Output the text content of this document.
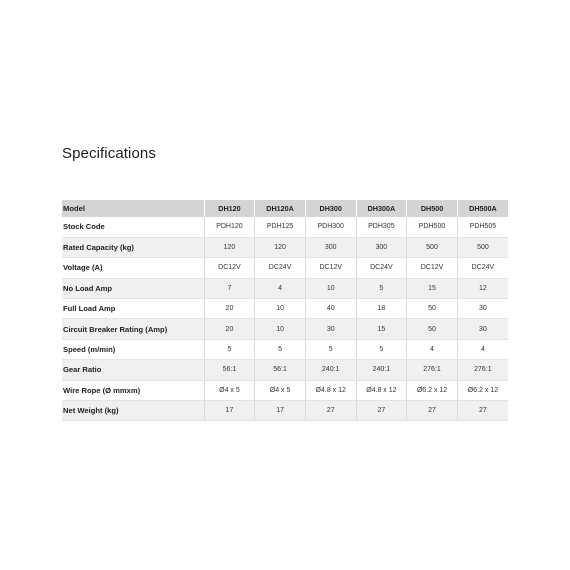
Specifications
Model	DH120	DH120A	DH300	DH300A	DH500	DH500A
Stock Code	PDH120	PDH125	PDH300	PDH305	PDH500	PDH505
Rated Capacity (kg)	120	120	300	300	500	500
Voltage (A)	DC12V	DC24V	DC12V	DC24V	DC12V	DC24V
No Load Amp	7	4	10	5	15	12
Full Load Amp	20	10	40	18	50	30
Circuit Breaker Rating (Amp)	20	10	30	15	50	30
Speed (m/min)	5	5	5	5	4	4
Gear Ratio	56:1	56:1	240:1	240:1	276:1	276:1
Wire Rope (Ø mmxm)	Ø4 x 5	Ø4 x 5	Ø4.8 x 12	Ø4.8 x 12	Ø6.2 x 12	Ø6.2 x 12
Net Weight (kg)	17	17	27	27	27	27
